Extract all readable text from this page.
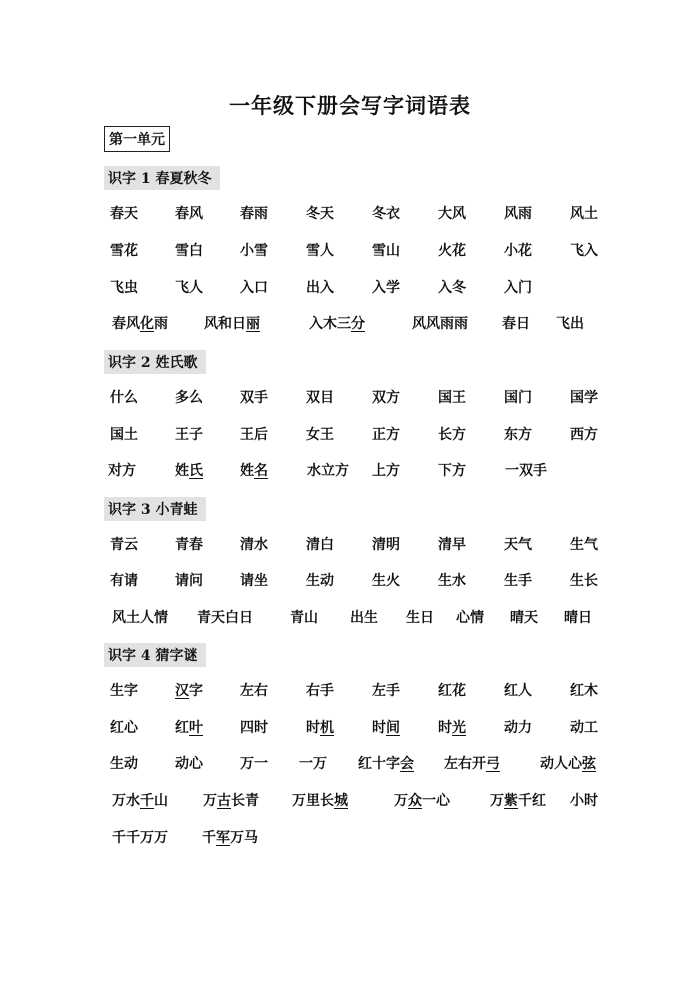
一年级下册会写字词语表
第一单元
识字 1 春夏秋冬
春天	春风	春雨	冬天	冬衣	大风	风雨	风土
雪花	雪白	小雪	雪人	雪山	火花	小花	飞入
飞虫	飞人	入口	出入	入学	入冬	入门
春风化雨	风和日丽	入木三分	风风雨雨 春日 飞出
识字 2 姓氏歌
什么	多么	双手	双目	双方	国王	国门	国学
国土	王子	王后	女王	正方	长方	东方	西方
对方	姓氏	姓名	水立方 上方	下方	一双手
识字 3 小青蛙
青云	青春	清水	清白	清明	清早	天气	生气
有请	请问	请坐	生动	生火	生水	生手	生长
风土人情 青天白日	青山 出生 生日 心情 晴天 晴日
识字 4 猜字谜
生字	汉字	左右	右手	左手	红花	红人	红木
红心	红叶	四时	时机	时间	时光	动力	动工
生动	动心	万一 一万 红十字会 左右开弓	动人心弦
万水千山	万古长青 万里长城	万众一心	万紫千红 小时
千千万万 千军万马
